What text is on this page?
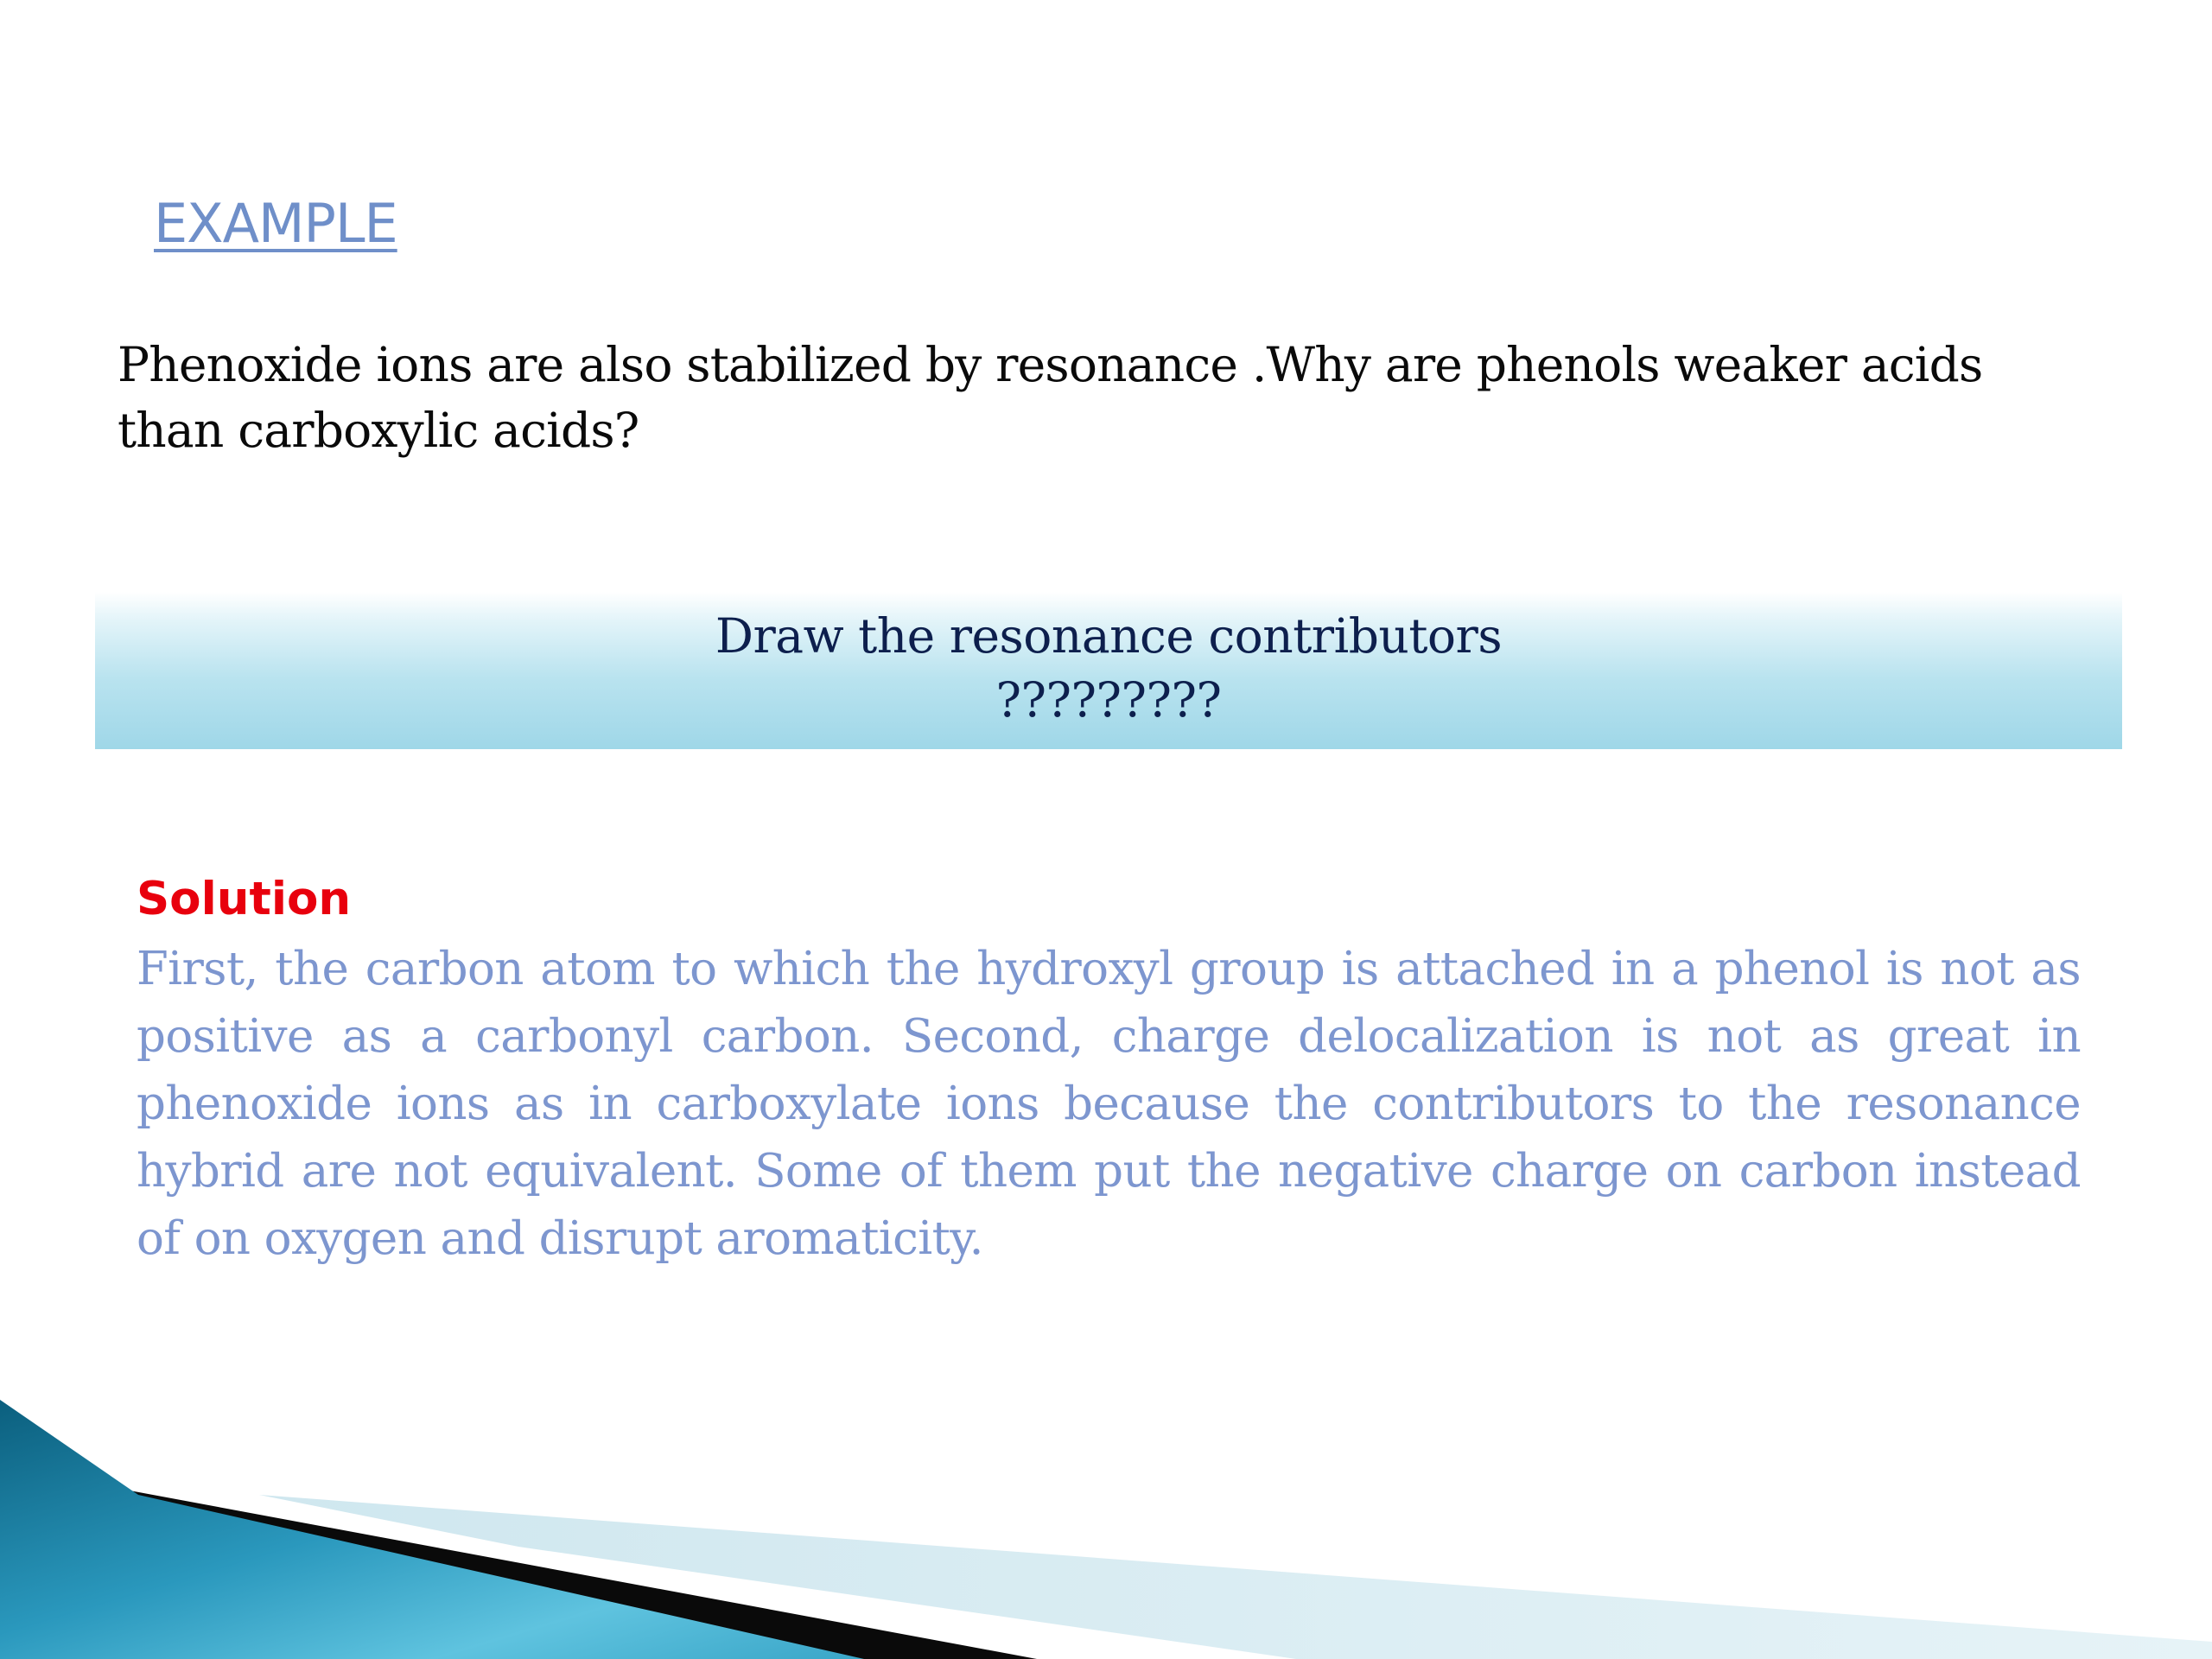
EXAMPLE

Phenoxide ions are also stabilized by resonance .Why are phenols weaker acids than carboxylic acids?

Draw the resonance contributors
?????????

Solution

First, the carbon atom to which the hydroxyl group is attached in a phenol is not as positive as a carbonyl carbon. Second, charge delocalization is not as great in phenoxide ions as in carboxylate ions because the contributors to the resonance hybrid are not equivalent. Some of them put the negative charge on carbon instead of on oxygen and disrupt aromaticity.
